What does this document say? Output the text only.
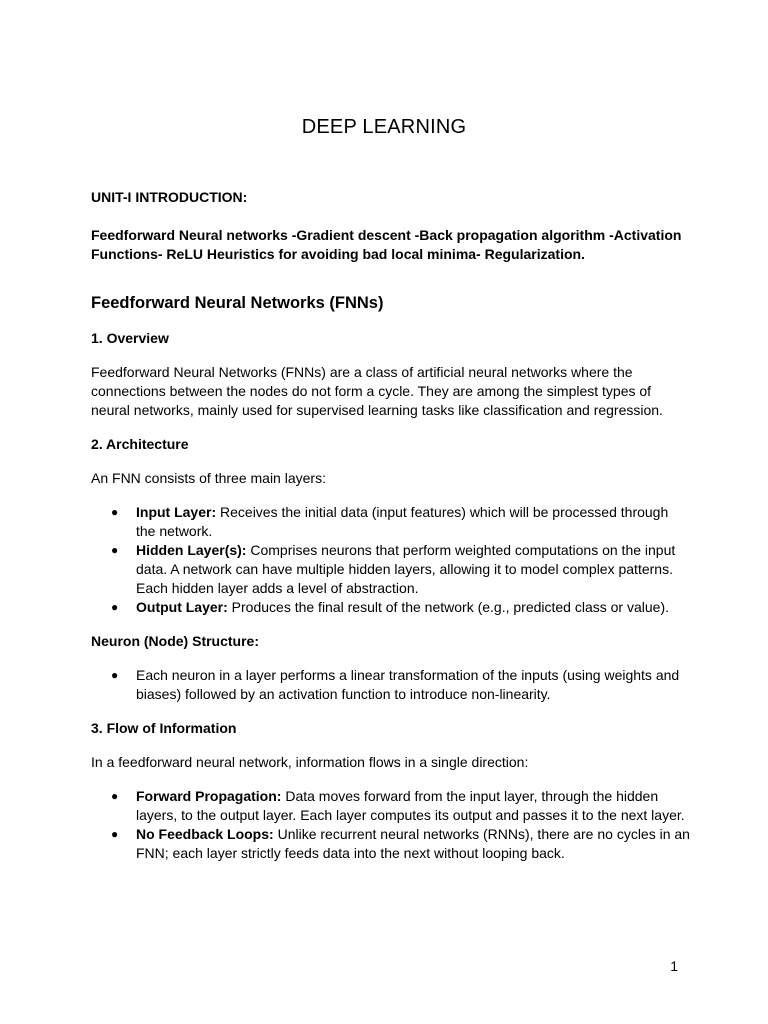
DEEP LEARNING

UNIT-I INTRODUCTION:

Feedforward Neural networks -Gradient descent -Back propagation algorithm -Activation Functions- ReLU Heuristics for avoiding bad local minima- Regularization.

Feedforward Neural Networks (FNNs)
1. Overview

Feedforward Neural Networks (FNNs) are a class of artificial neural networks where the connections between the nodes do not form a cycle. They are among the simplest types of neural networks, mainly used for supervised learning tasks like classification and regression.

2. Architecture

An FNN consists of three main layers:

● Input Layer: Receives the initial data (input features) which will be processed through the network.
● Hidden Layer(s): Comprises neurons that perform weighted computations on the input data. A network can have multiple hidden layers, allowing it to model complex patterns. Each hidden layer adds a level of abstraction.
● Output Layer: Produces the final result of the network (e.g., predicted class or value).
Neuron (Node) Structure:
● Each neuron in a layer performs a linear transformation of the inputs (using weights and biases) followed by an activation function to introduce non-linearity.
3. Flow of Information

In a feedforward neural network, information flows in a single direction:

● Forward Propagation: Data moves forward from the input layer, through the hidden layers, to the output layer. Each layer computes its output and passes it to the next layer.
● No Feedback Loops: Unlike recurrent neural networks (RNNs), there are no cycles in an FNN; each layer strictly feeds data into the next without looping back.
1
